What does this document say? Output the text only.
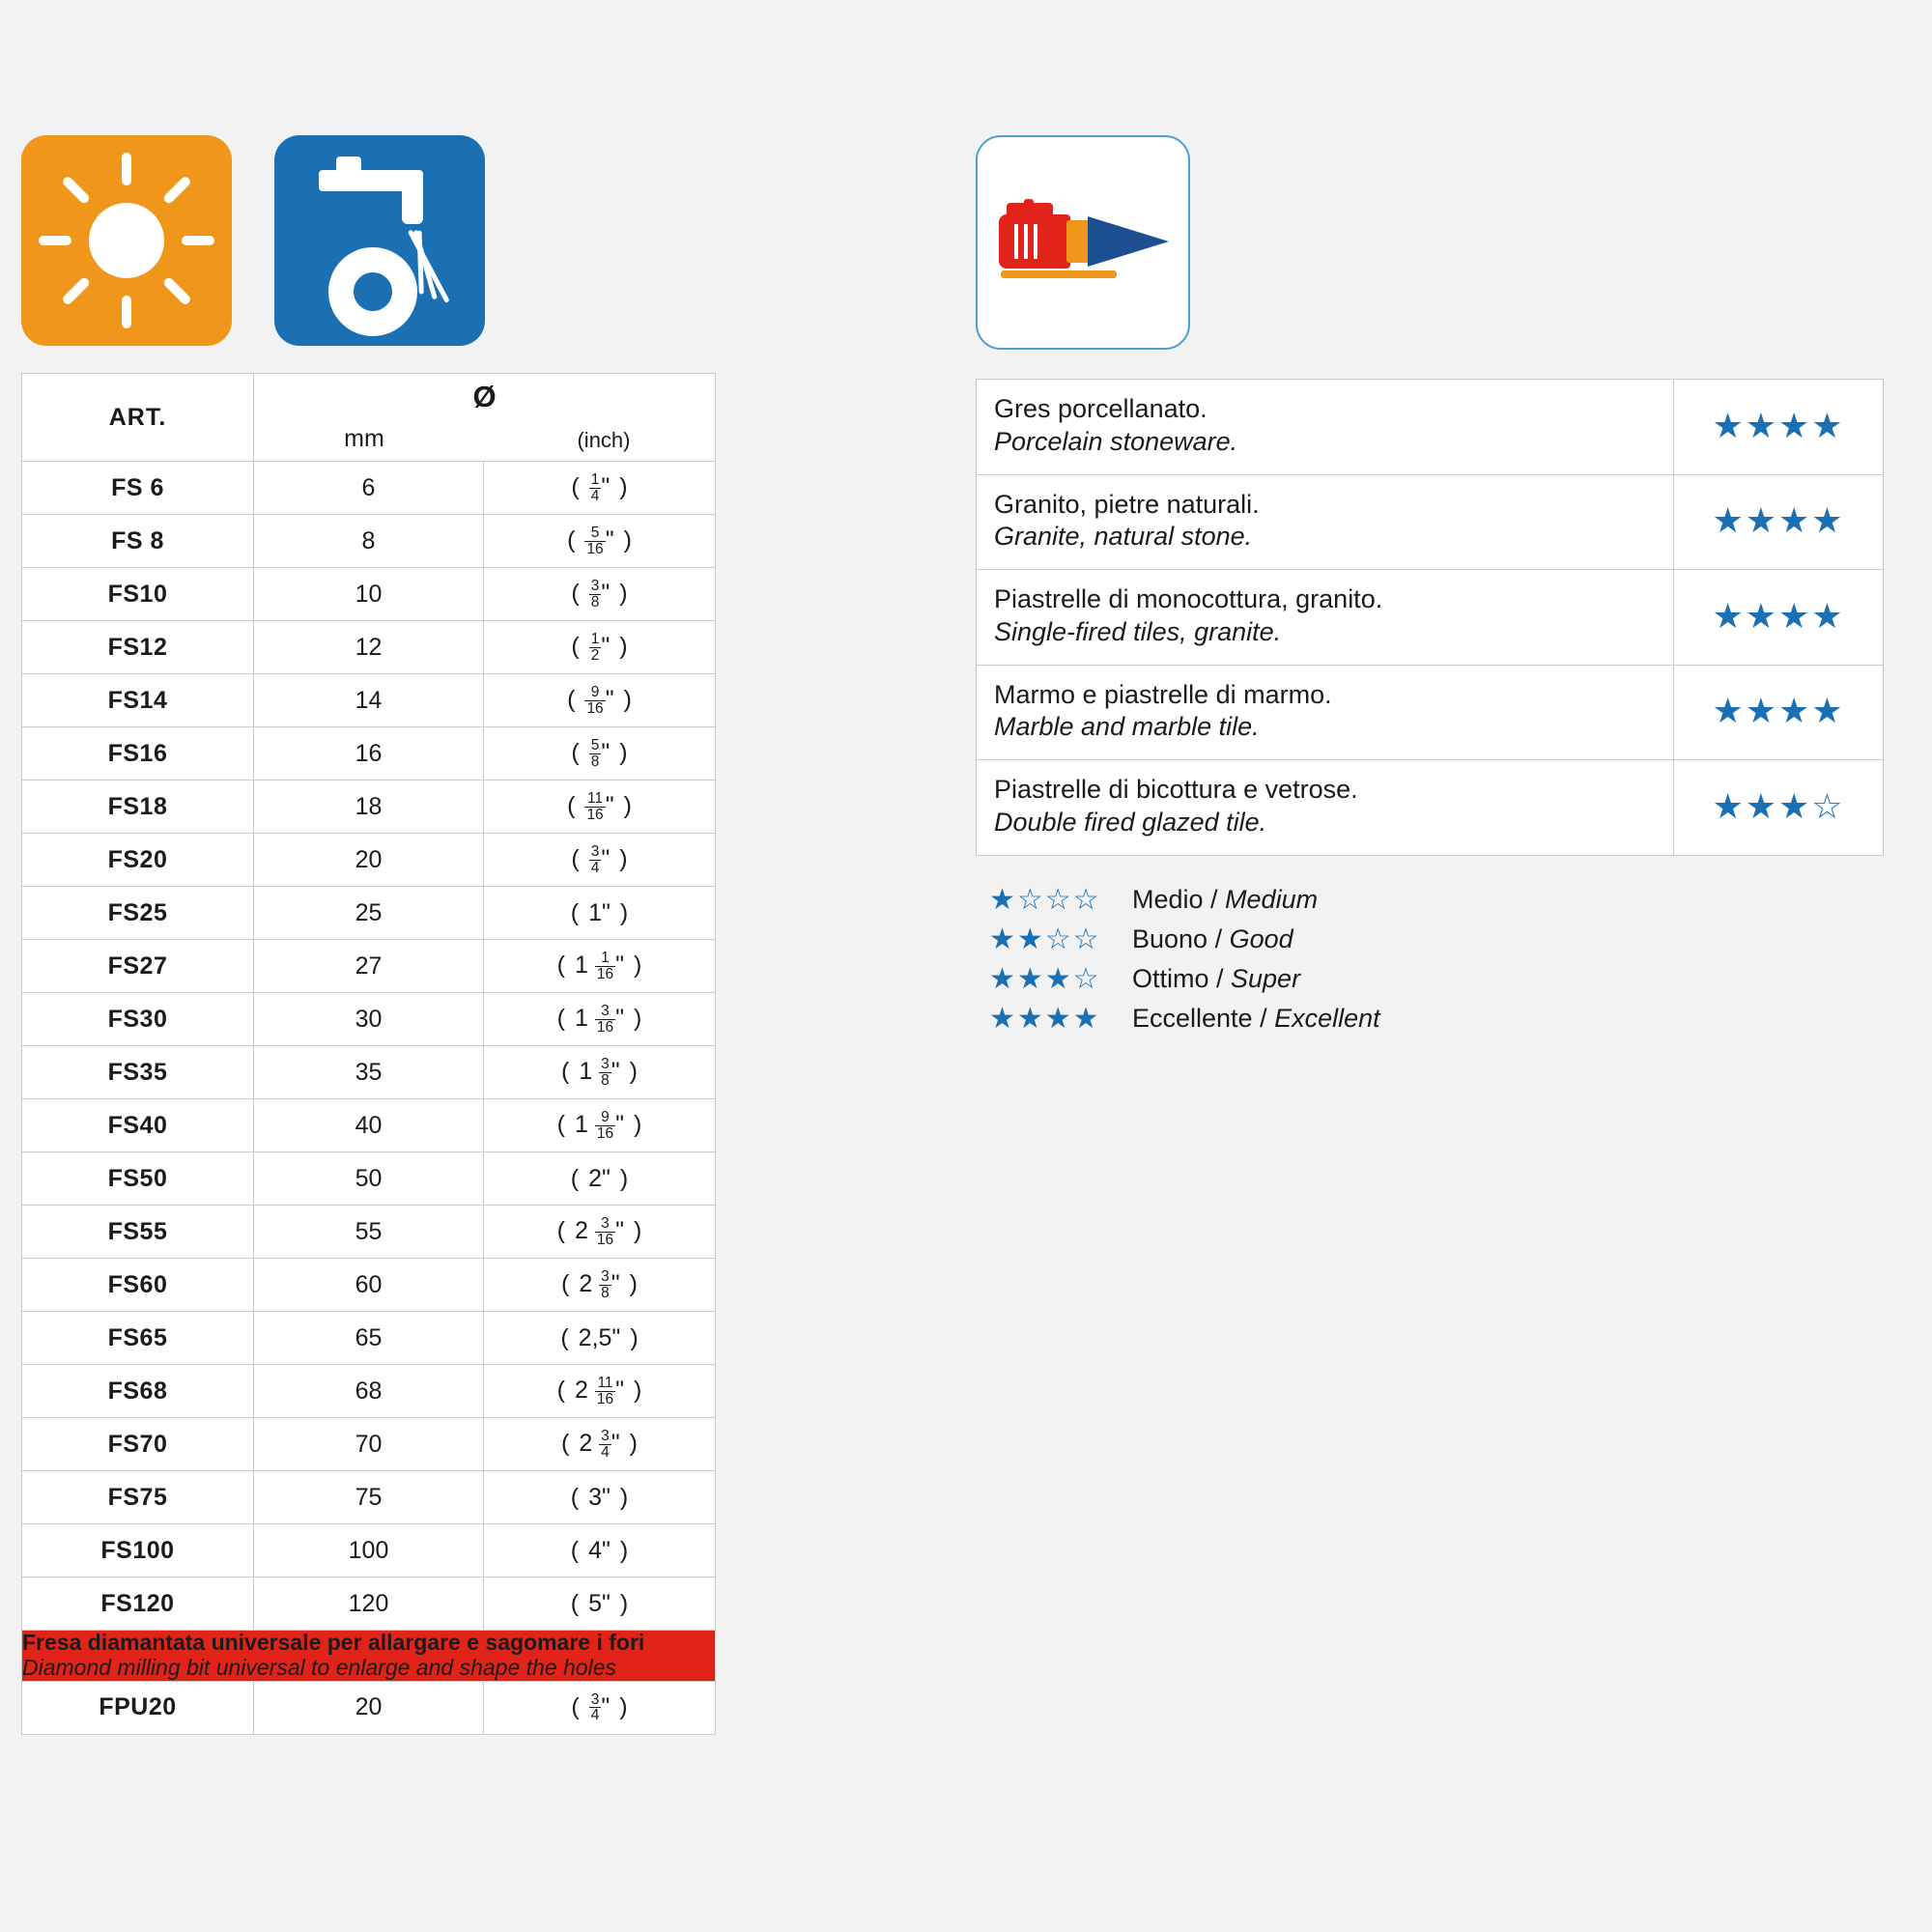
ART.	Ø
mm (inch)	

FS 6	6	( $\frac{1}{4}$ " )
FS 8	8	( $\frac{5}{16}$ " )
FS10	10	( $\frac{3}{8}$ " )
FS12	12	( $\frac{1}{2}$ " )
FS14	14	( $\frac{9}{16}$ " )
FS16	16	( $\frac{5}{8}$ " )
FS18	18	( $\frac{11}{16}$ " )
FS20	20	( $\frac{3}{4}$ " )
FS25	25	( 1" )
FS27	27	( $1 \frac{1}{16}$ " )
FS30	30	( $1 \frac{3}{16}$ " )
FS35	35	( $1 \frac{3}{8}$ " )
FS40	40	( $1 \frac{9}{16}$ " )
FS50	50	( 2" )
FS55	55	( $2 \frac{3}{16}$ " )
FS60	60	( $2 \frac{3}{8}$ " )
FS65	65	( 2,5" )
FS68	68	( $2 \frac{11}{16}$ " )
FS70	70	( $2 \frac{3}{4}$ " )
FS75	75	( 3" )
FS100	100	( 4" )
FS120	120	( 5" )

Fresa diamantata universale per allargare e sagomare i fori
Diamond milling bit universal to enlarge and shape the holes		

FPU20	20	( $\frac{3}{4}$ " )
Gres porcellanato.
Porcelain stoneware.	★★★★

Granito, pietre naturali.
Granite, natural stone.	★★★★

Piastrelle di monocottura, granito.
Single-fired tiles, granite.	★★★★

Marmo e piastrelle di marmo.
Marble and marble tile.	★★★★

Piastrelle di bicottura e vetrose.
Double fired glazed tile.	★★★☆
★☆☆☆	Medio / Medium
★★☆☆	Buono / Good
★★★☆	Ottimo / Super
★★★★	Eccellente / Excellent
